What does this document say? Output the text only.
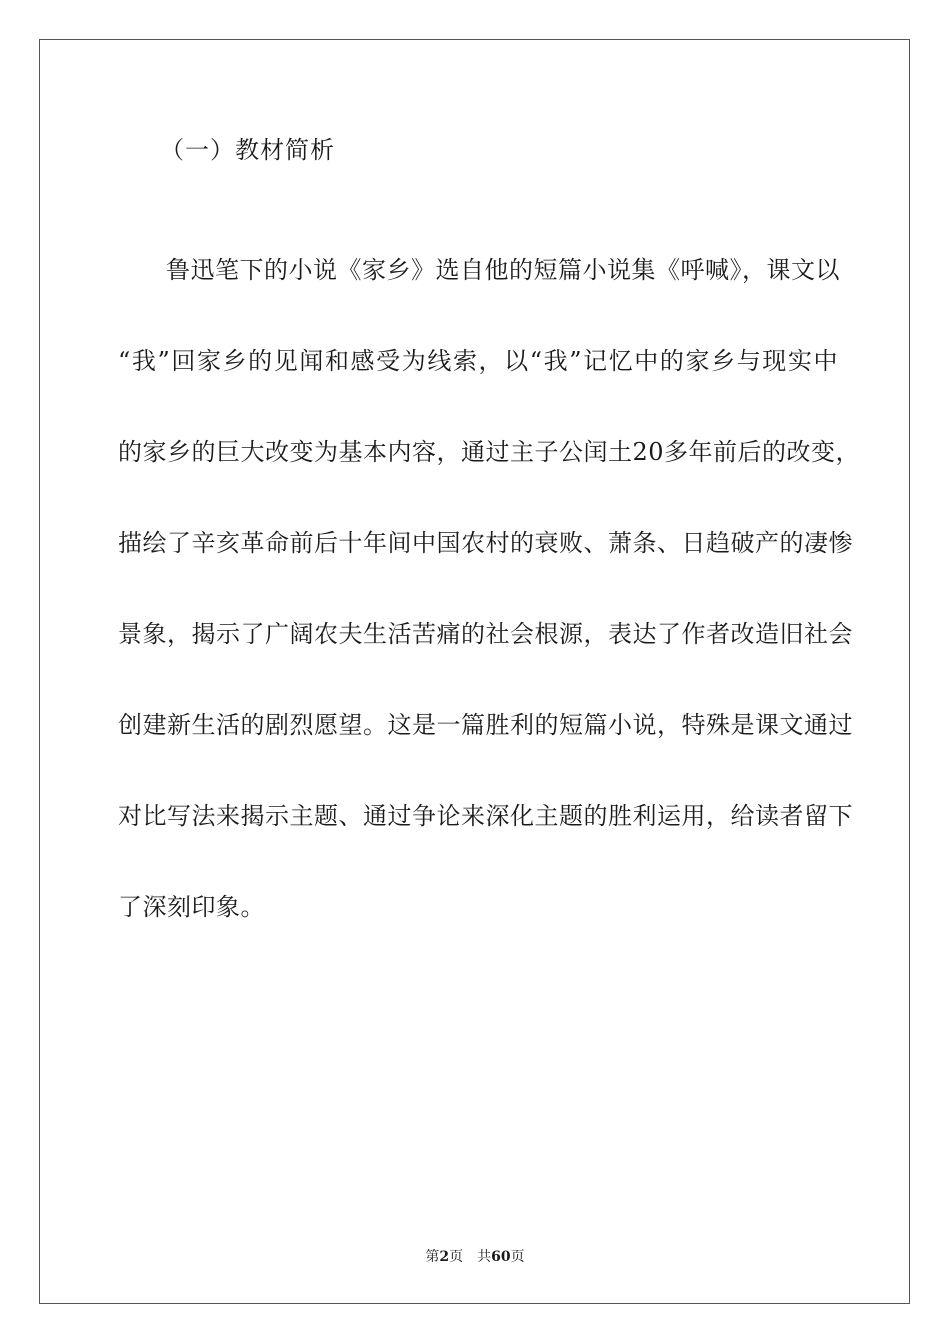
（一）教材简析
鲁迅笔下的小说《家乡》选自他的短篇小说集《呼喊》，课文以
“我”回家乡的见闻和感受为线索，以“我”记忆中的家乡与现实中
的家乡的巨大改变为基本内容，通过主子公闰土20多年前后的改变，
描绘了辛亥革命前后十年间中国农村的衰败、萧条、日趋破产的凄惨
景象，揭示了广阔农夫生活苦痛的社会根源，表达了作者改造旧社会
创建新生活的剧烈愿望。这是一篇胜利的短篇小说，特殊是课文通过
对比写法来揭示主题、通过争论来深化主题的胜利运用，给读者留下
了深刻印象。
第2页 共60页
